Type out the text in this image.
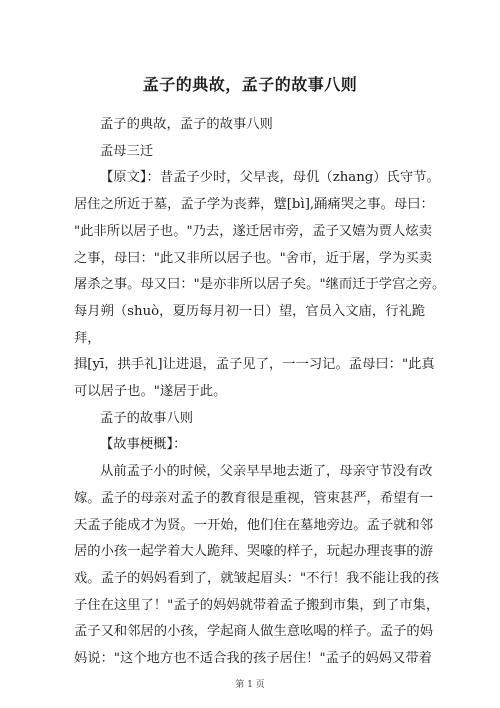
孟子的典故，孟子的故事八则

孟子的典故，孟子的故事八则

孟母三迁

【原文】：昔孟子少时，父早丧，母仉（zhang）氏守节。

居住之所近于墓，孟子学为丧葬，躄[bì],踊痛哭之事。母曰：

"此非所以居子也。"乃去，遂迁居市旁，孟子又嬉为贾人炫卖

之事，母曰："此又非所以居子也。"舍市，近于屠，学为买卖

屠杀之事。母又曰："是亦非所以居子矣。"继而迁于学宫之旁。

每月朔（shuò，夏历每月初一日）望，官员入文庙，行礼跪拜，

揖[yī，拱手礼]让进退，孟子见了，一一习记。孟母曰："此真

可以居子也。"遂居于此。

孟子的故事八则

【故事梗概】：

从前孟子小的时候，父亲早早地去逝了，母亲守节没有改

嫁。孟子的母亲对孟子的教育很是重视，管束甚严，希望有一

天孟子能成才为贤。一开始，他们住在墓地旁边。孟子就和邻

居的小孩一起学着大人跪拜、哭嚎的样子，玩起办理丧事的游

戏。孟子的妈妈看到了，就皱起眉头："不行！我不能让我的孩

子住在这里了！"孟子的妈妈就带着孟子搬到市集，到了市集，

孟子又和邻居的小孩，学起商人做生意吆喝的样子。孟子的妈

妈说："这个地方也不适合我的孩子居住！"孟子的妈妈又带着

第 1 页
